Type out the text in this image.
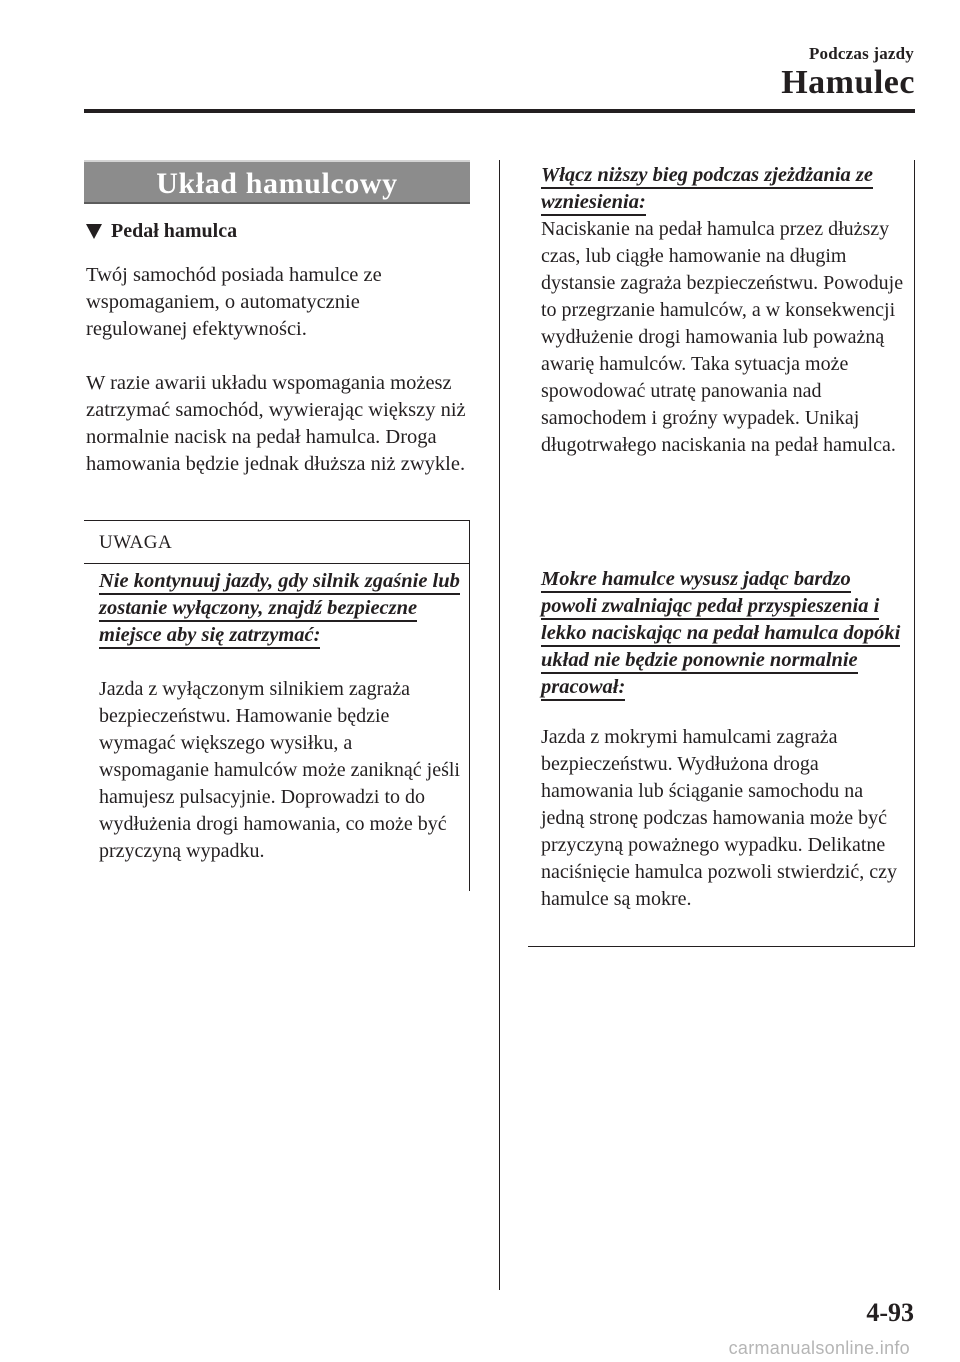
Podczas jazdy
Hamulec
Układ hamulcowy
Pedał hamulca

Twój samochód posiada hamulce ze wspomaganiem, o automatycznie regulowanej efektywności.

W razie awarii układu wspomagania możesz zatrzymać samochód, wywierając większy niż normalnie nacisk na pedał hamulca. Droga hamowania będzie jednak dłuższa niż zwykle.

UWAGA

Nie kontynuuj jazdy, gdy silnik zgaśnie lub zostanie wyłączony, znajdź bezpieczne miejsce aby się zatrzymać:

Jazda z wyłączonym silnikiem zagraża bezpieczeństwu. Hamowanie będzie wymagać większego wysiłku, a wspomaganie hamulców może zaniknąć jeśli hamujesz pulsacyjnie. Doprowadzi to do wydłużenia drogi hamowania, co może być przyczyną wypadku.

Włącz niższy bieg podczas zjeżdżania ze wzniesienia:

Naciskanie na pedał hamulca przez dłuższy czas, lub ciągłe hamowanie na długim dystansie zagraża bezpieczeństwu. Powoduje to przegrzanie hamulców, a w konsekwencji wydłużenie drogi hamowania lub poważną awarię hamulców. Taka sytuacja może spowodować utratę panowania nad samochodem i groźny wypadek. Unikaj długotrwałego naciskania na pedał hamulca.

Mokre hamulce wysusz jadąc bardzo powoli zwalniając pedał przyspieszenia i lekko naciskając na pedał hamulca dopóki układ nie będzie ponownie normalnie pracował:

Jazda z mokrymi hamulcami zagraża bezpieczeństwu. Wydłużona droga hamowania lub ściąganie samochodu na jedną stronę podczas hamowania może być przyczyną poważnego wypadku. Delikatne naciśnięcie hamulca pozwoli stwierdzić, czy hamulce są mokre.

4-93
carmanualsonline.info
